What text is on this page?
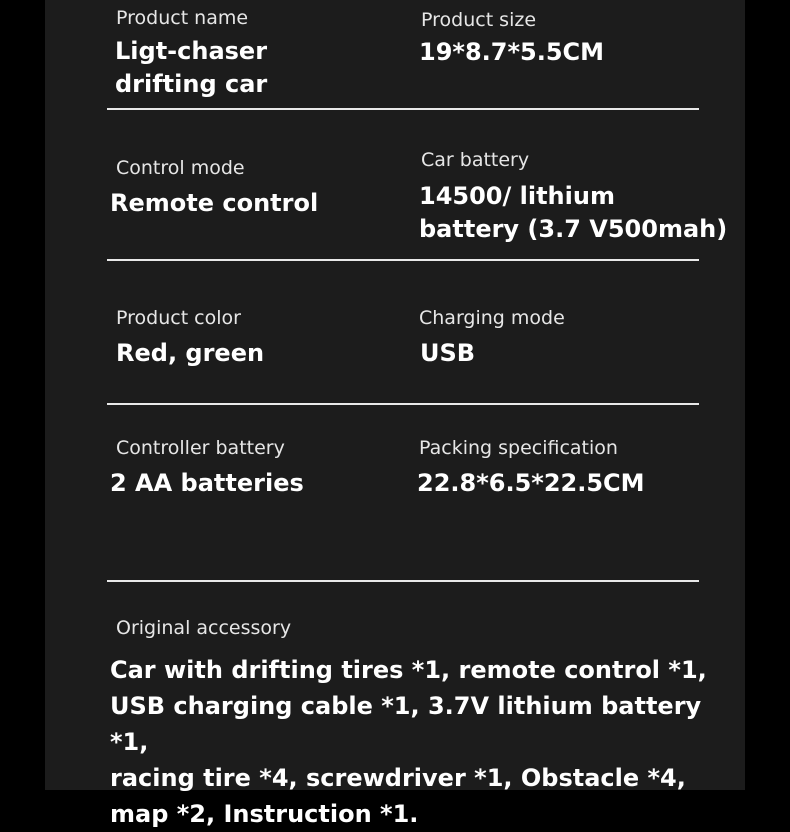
Product name
Ligt-chaser
drifting car
Product size
19*8.7*5.5CM
Control mode
Remote control
Car battery
14500/ lithium
battery (3.7 V500mah)
Product color
Red, green
Charging mode
USB
Controller battery
2 AA batteries
Packing specification
22.8*6.5*22.5CM
Original accessory
Car with drifting tires *1, remote control *1,
USB charging cable *1, 3.7V lithium battery *1,
racing tire *4, screwdriver *1, Obstacle *4,
map *2, Instruction *1.
